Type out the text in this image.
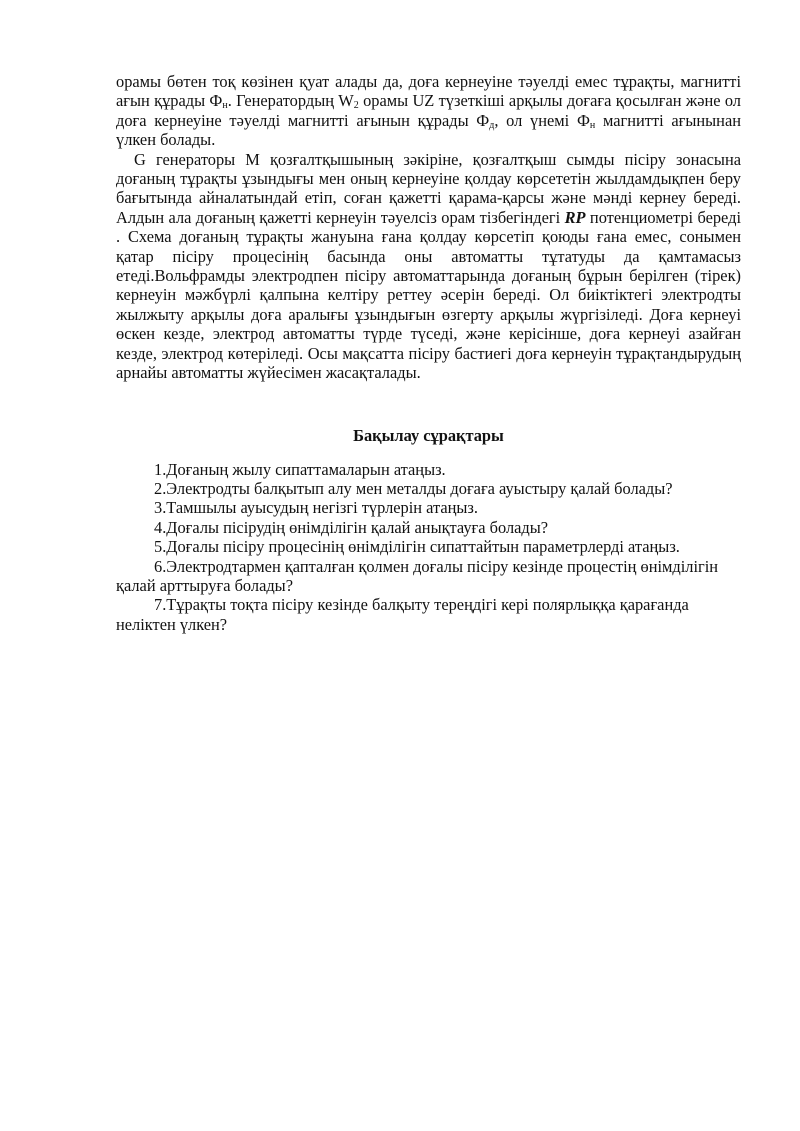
орамы бөтен тоқ көзінен қуат алады да, доға кернеуіне тәуелді емес тұрақты, магнитті ағын құрады $Ф_н$. Генератордың $W_2$ орамы UZ түзеткіші арқылы доғаға қосылған және ол доға кернеуіне тәуелді магнитті ағынын құрады $Ф_д$, ол үнемі $Ф_н$ магнитті ағынынан үлкен болады.

G генераторы М қозғалтқышының зәкіріне, қозғалтқыш сымды пісіру зонасына доғаның тұрақты ұзындығы мен оның кернеуіне қолдау көрсететін жылдамдықпен беру бағытында айналатындай етіп, соған қажетті қарама-қарсы және мәнді кернеу береді. Алдын ала доғаның қажетті кернеуін тәуелсіз орам тізбегіндегі RP потенциометрі береді . Схема доғаның тұрақты жануына ғана қолдау көрсетіп қоюды ғана емес, сонымен қатар пісіру процесінің басында оны автоматты тұтатуды да қамтамасыз етеді.Вольфрамды электродпен пісіру автоматтарында доғаның бұрын берілген (тірек) кернеуін мәжбүрлі қалпына келтіру реттеу әсерін береді. Ол биіктіктегі электродты жылжыту арқылы доға аралығы ұзындығын өзгерту арқылы жүргізіледі. Доға кернеуі өскен кезде, электрод автоматты түрде түседі, және керісінше, доға кернеуі азайған кезде, электрод көтеріледі. Осы мақсатта пісіру бастиегі доға кернеуін тұрақтандырудың арнайы автоматты жүйесімен жасақталады.

Бақылау сұрақтары
1.Доғаның жылу сипаттамаларын атаңыз.
2.Электродты балқытып алу мен металды доғаға ауыстыру қалай болады?
3.Тамшылы ауысудың негізгі түрлерін атаңыз.
4.Доғалы пісірудің өнімділігін қалай анықтауға болады?
5.Доғалы пісіру процесінің өнімділігін сипаттайтын параметрлерді атаңыз.
6.Электродтармен қапталған қолмен доғалы пісіру кезінде процестің өнімділігін қалай арттыруға болады?
7.Тұрақты тоқта пісіру кезінде балқыту тереңдігі кері полярлыққа қарағанда неліктен үлкен?
